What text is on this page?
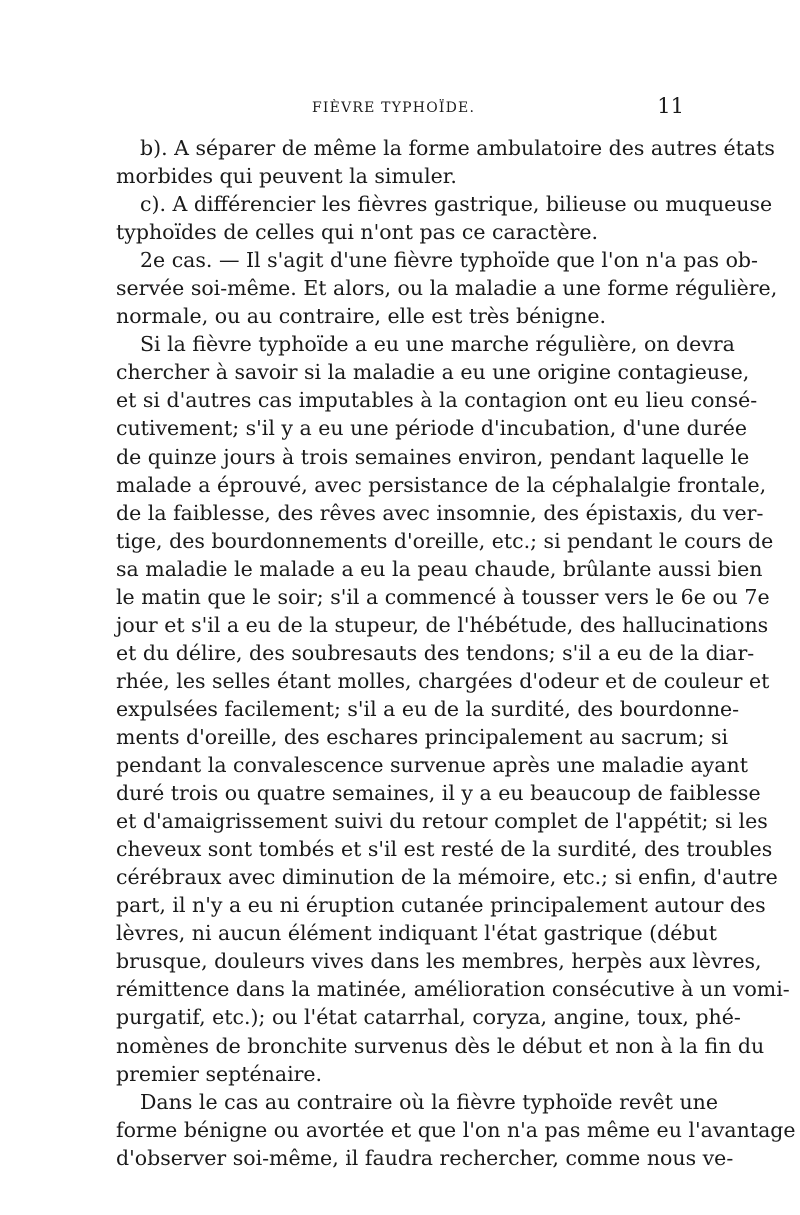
FIÈVRE TYPHOÏDE.	11
b). A séparer de même la forme ambulatoire des autres états
morbides qui peuvent la simuler.
c). A différencier les fièvres gastrique, bilieuse ou muqueuse
typhoïdes de celles qui n'ont pas ce caractère.
2e cas. — Il s'agit d'une fièvre typhoïde que l'on n'a pas ob-
servée soi-même. Et alors, ou la maladie a une forme régulière,
normale, ou au contraire, elle est très bénigne.
Si la fièvre typhoïde a eu une marche régulière, on devra
chercher à savoir si la maladie a eu une origine contagieuse,
et si d'autres cas imputables à la contagion ont eu lieu consé-
cutivement; s'il y a eu une période d'incubation, d'une durée
de quinze jours à trois semaines environ, pendant laquelle le
malade a éprouvé, avec persistance de la céphalalgie frontale,
de la faiblesse, des rêves avec insomnie, des épistaxis, du ver-
tige, des bourdonnements d'oreille, etc.; si pendant le cours de
sa maladie le malade a eu la peau chaude, brûlante aussi bien
le matin que le soir; s'il a commencé à tousser vers le 6e ou 7e
jour et s'il a eu de la stupeur, de l'hébétude, des hallucinations
et du délire, des soubresauts des tendons; s'il a eu de la diar-
rhée, les selles étant molles, chargées d'odeur et de couleur et
expulsées facilement; s'il a eu de la surdité, des bourdonne-
ments d'oreille, des eschares principalement au sacrum; si
pendant la convalescence survenue après une maladie ayant
duré trois ou quatre semaines, il y a eu beaucoup de faiblesse
et d'amaigrissement suivi du retour complet de l'appétit; si les
cheveux sont tombés et s'il est resté de la surdité, des troubles
cérébraux avec diminution de la mémoire, etc.; si enfin, d'autre
part, il n'y a eu ni éruption cutanée principalement autour des
lèvres, ni aucun élément indiquant l'état gastrique (début
brusque, douleurs vives dans les membres, herpès aux lèvres,
rémittence dans la matinée, amélioration consécutive à un vomi-
purgatif, etc.); ou l'état catarrhal, coryza, angine, toux, phé-
nomènes de bronchite survenus dès le début et non à la fin du
premier septénaire.
Dans le cas au contraire où la fièvre typhoïde revêt une
forme bénigne ou avortée et que l'on n'a pas même eu l'avantage
d'observer soi-même, il faudra rechercher, comme nous ve-
